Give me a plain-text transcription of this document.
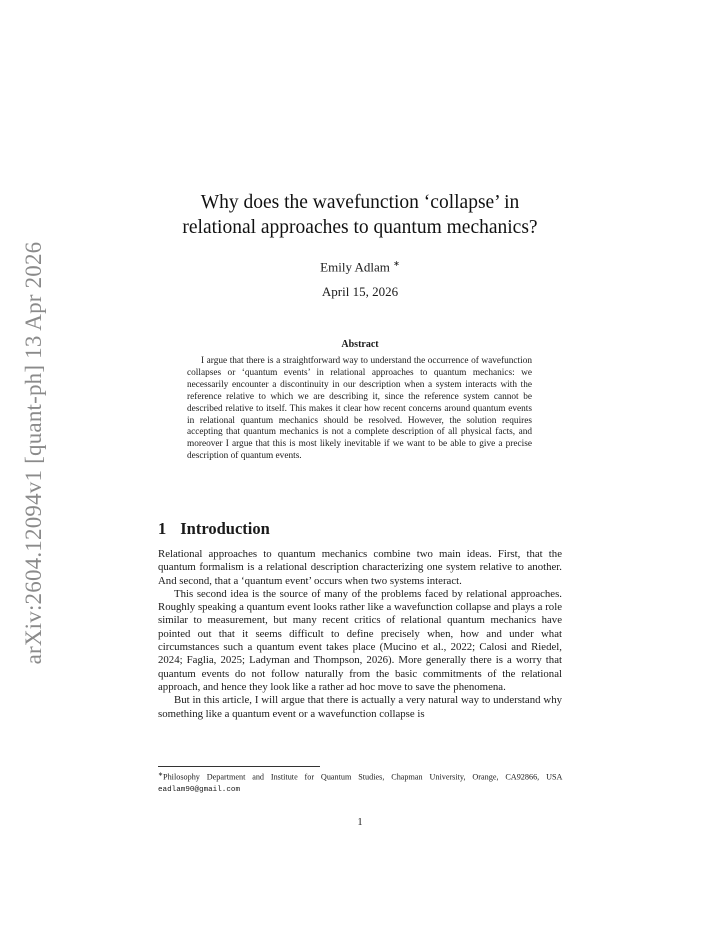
arXiv:2604.12094v1 [quant-ph] 13 Apr 2026
Why does the wavefunction ‘collapse’ in
relational approaches to quantum mechanics?
Emily Adlam ∗
April 15, 2026
Abstract
I argue that there is a straightforward way to understand the occurrence of wavefunction collapses or ‘quantum events’ in relational approaches to quantum mechanics: we necessarily encounter a discontinuity in our description when a system interacts with the reference relative to which we are describing it, since the reference system cannot be described relative to itself. This makes it clear how recent concerns around quantum events in relational quantum mechanics should be resolved. However, the solution requires accepting that quantum mechanics is not a complete description of all physical facts, and moreover I argue that this is most likely inevitable if we want to be able to give a precise description of quantum events.
1 Introduction

Relational approaches to quantum mechanics combine two main ideas. First, that the quantum formalism is a relational description characterizing one system relative to another. And second, that a ‘quantum event’ occurs when two systems interact.

This second idea is the source of many of the problems faced by relational approaches. Roughly speaking a quantum event looks rather like a wavefunction collapse and plays a role similar to measurement, but many recent critics of relational quantum mechanics have pointed out that it seems difficult to define precisely when, how and under what circumstances such a quantum event takes place (Mucino et al., 2022; Calosi and Riedel, 2024; Faglia, 2025; Ladyman and Thompson, 2026). More generally there is a worry that quantum events do not follow naturally from the basic commitments of the relational approach, and hence they look like a rather ad hoc move to save the phenomena.

But in this article, I will argue that there is actually a very natural way to understand why something like a quantum event or a wavefunction collapse is

∗Philosophy Department and Institute for Quantum Studies, Chapman University, Orange, CA92866, USA eadlam90@gmail.com
1
